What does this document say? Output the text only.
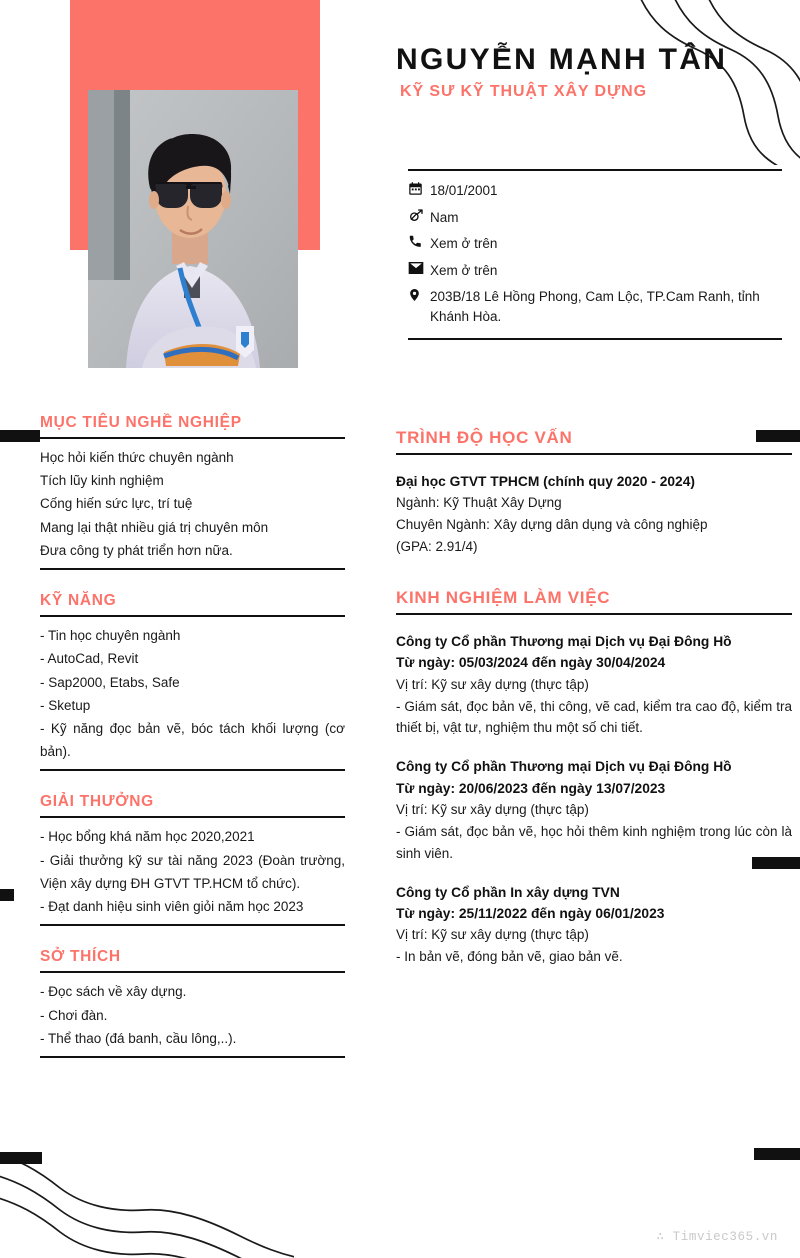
NGUYỄN MẠNH TÂN
KỸ SƯ KỸ THUẬT XÂY DỰNG
18/01/2001
Nam
Xem ở trên
Xem ở trên
203B/18 Lê Hồng Phong, Cam Lộc, TP.Cam Ranh, tỉnh Khánh Hòa.
MỤC TIÊU NGHỀ NGHIỆP
Học hỏi kiến thức chuyên ngành
Tích lũy kinh nghiệm
Cống hiến sức lực, trí tuệ
Mang lại thật nhiều giá trị chuyên môn
Đưa công ty phát triển hơn nữa.
KỸ NĂNG
- Tin học chuyên ngành
- AutoCad, Revit
- Sap2000, Etabs, Safe
- Sketup
- Kỹ năng đọc bản vẽ, bóc tách khối lượng (cơ bản).
GIẢI THƯỞNG
- Học bổng khá năm học 2020,2021
- Giải thưởng kỹ sư tài năng 2023 (Đoàn trường, Viện xây dựng ĐH GTVT TP.HCM tổ chức).
- Đạt danh hiệu sinh viên giỏi năm học 2023
SỞ THÍCH
- Đọc sách về xây dựng.
- Chơi đàn.
- Thể thao (đá banh, cầu lông,..).
TRÌNH ĐỘ HỌC VẤN
Đại học GTVT TPHCM (chính quy 2020 - 2024)
Ngành: Kỹ Thuật Xây Dựng
Chuyên Ngành: Xây dựng dân dụng và công nghiệp
(GPA: 2.91/4)
KINH NGHIỆM LÀM VIỆC
Công ty Cổ phần Thương mại Dịch vụ Đại Đông Hồ
Từ ngày: 05/03/2024 đến ngày 30/04/2024
Vị trí: Kỹ sư xây dựng (thực tập)
- Giám sát, đọc bản vẽ, thi công, vẽ cad, kiểm tra cao độ, kiểm tra thiết bị, vật tư, nghiệm thu một số chi tiết.
Công ty Cổ phần Thương mại Dịch vụ Đại Đông Hồ
Từ ngày: 20/06/2023 đến ngày 13/07/2023
Vị trí: Kỹ sư xây dựng (thực tập)
- Giám sát, đọc bản vẽ, học hỏi thêm kinh nghiệm trong lúc còn là sinh viên.
Công ty Cổ phần In xây dựng TVN
Từ ngày: 25/11/2022 đến ngày 06/01/2023
Vị trí: Kỹ sư xây dựng (thực tập)
- In bản vẽ, đóng bản vẽ, giao bản vẽ.
∴ Timviec365.vn
